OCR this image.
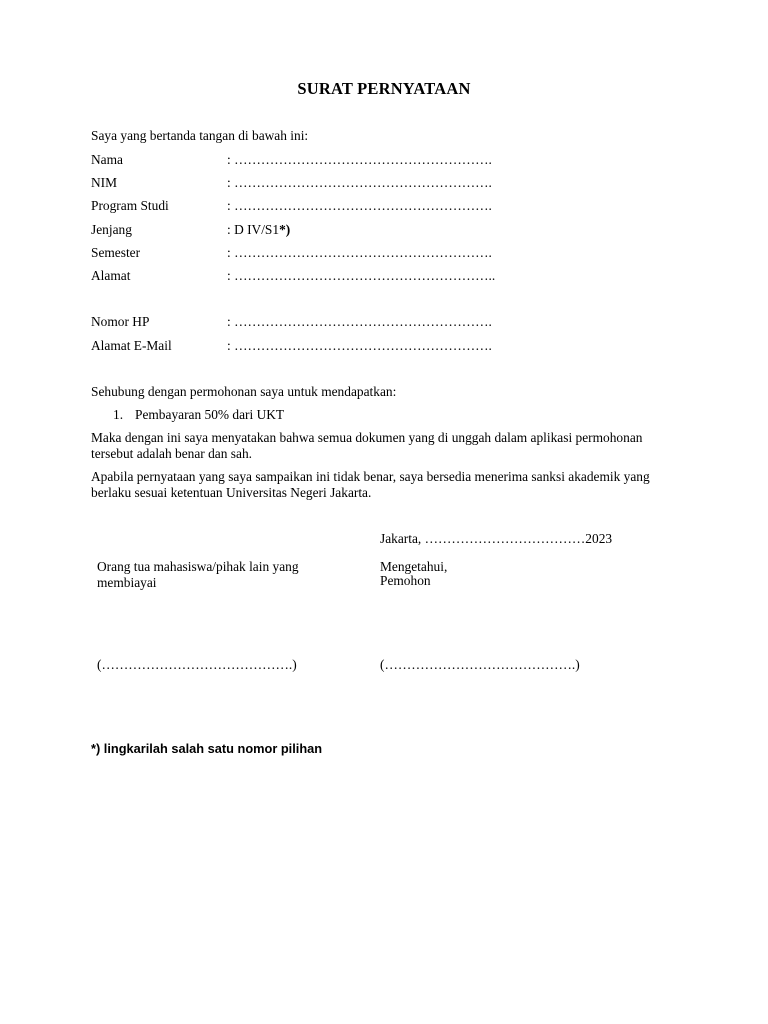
SURAT PERNYATAAN
Saya yang bertanda tangan di bawah ini:
Nama	: ………………………………………………….
NIM	: ………………………………………………….
Program Studi	: ………………………………………………….
Jenjang	: D IV/S1*)
Semester	: ………………………………………………….
Alamat	: …………………………………………………..
Nomor HP	: ………………………………………………….
Alamat E-Mail	: ………………………………………………….
Sehubung dengan permohonan saya untuk mendapatkan:
1. Pembayaran 50% dari UKT
Maka dengan ini saya menyatakan bahwa semua dokumen yang di unggah dalam aplikasi permohonan tersebut adalah benar dan sah.
Apabila pernyataan yang saya sampaikan ini tidak benar, saya bersedia menerima sanksi akademik yang berlaku sesuai ketentuan Universitas Negeri Jakarta.
Jakarta, ………………………………2023
Orang tua mahasiswa/pihak lain yang membiayai
Mengetahui,
Pemohon
(…………………………………….)	(…………………………………….)
*) lingkarilah salah satu nomor pilihan
